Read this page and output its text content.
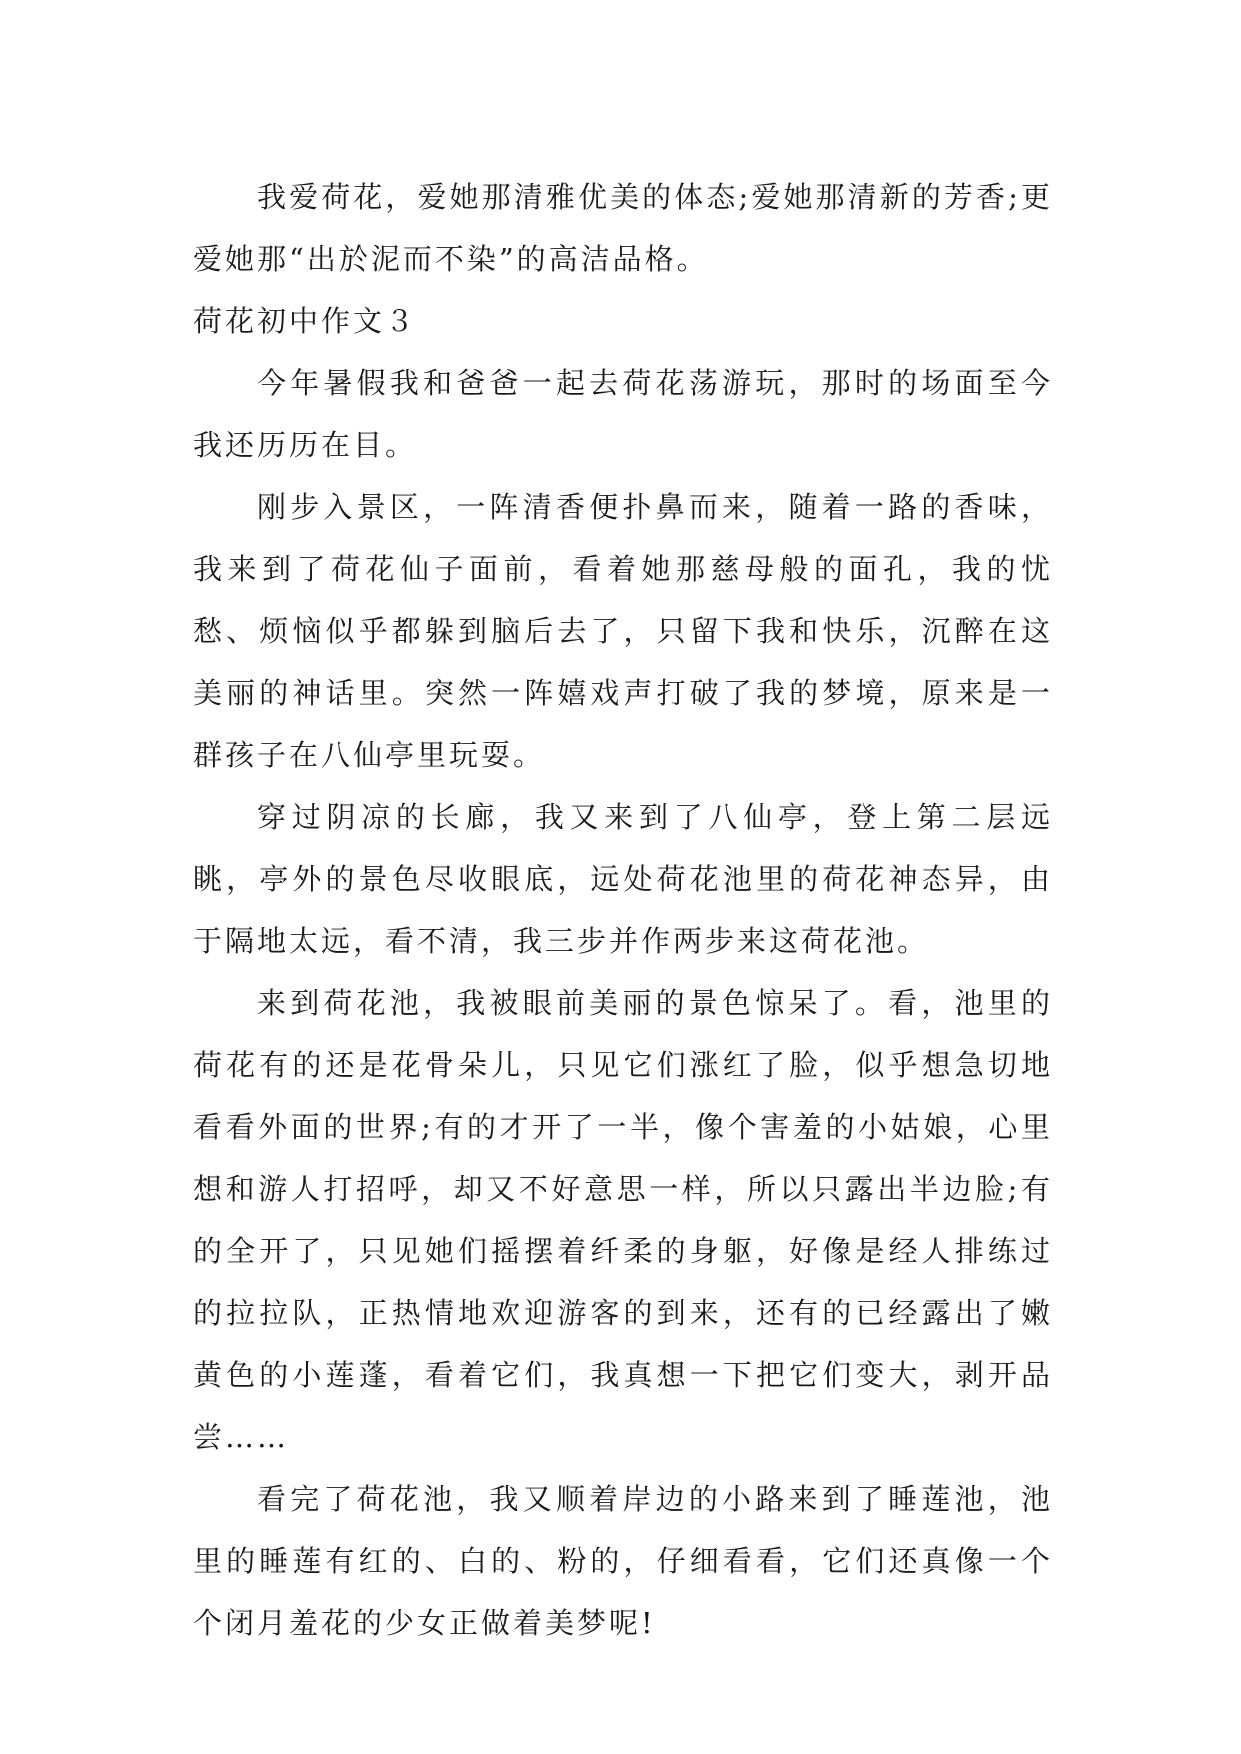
我爱荷花，爱她那清雅优美的体态;爱她那清新的芳香;更爱她那“出於泥而不染”的高洁品格。

荷花初中作文３

今年暑假我和爸爸一起去荷花荡游玩，那时的场面至今我还历历在目。

刚步入景区，一阵清香便扑鼻而来，随着一路的香味，我来到了荷花仙子面前，看着她那慈母般的面孔，我的忧愁、烦恼似乎都躲到脑后去了，只留下我和快乐，沉醉在这美丽的神话里。突然一阵嬉戏声打破了我的梦境，原来是一群孩子在八仙亭里玩耍。

穿过阴凉的长廊，我又来到了八仙亭，登上第二层远眺，亭外的景色尽收眼底，远处荷花池里的荷花神态异，由于隔地太远，看不清，我三步并作两步来这荷花池。

来到荷花池，我被眼前美丽的景色惊呆了。看，池里的荷花有的还是花骨朵儿，只见它们涨红了脸，似乎想急切地看看外面的世界;有的才开了一半，像个害羞的小姑娘，心里想和游人打招呼，却又不好意思一样，所以只露出半边脸;有的全开了，只见她们摇摆着纤柔的身躯，好像是经人排练过的拉拉队，正热情地欢迎游客的到来，还有的已经露出了嫩黄色的小莲蓬，看着它们，我真想一下把它们变大，剥开品尝……

看完了荷花池，我又顺着岸边的小路来到了睡莲池，池里的睡莲有红的、白的、粉的，仔细看看，它们还真像一个个闭月羞花的少女正做着美梦呢!
